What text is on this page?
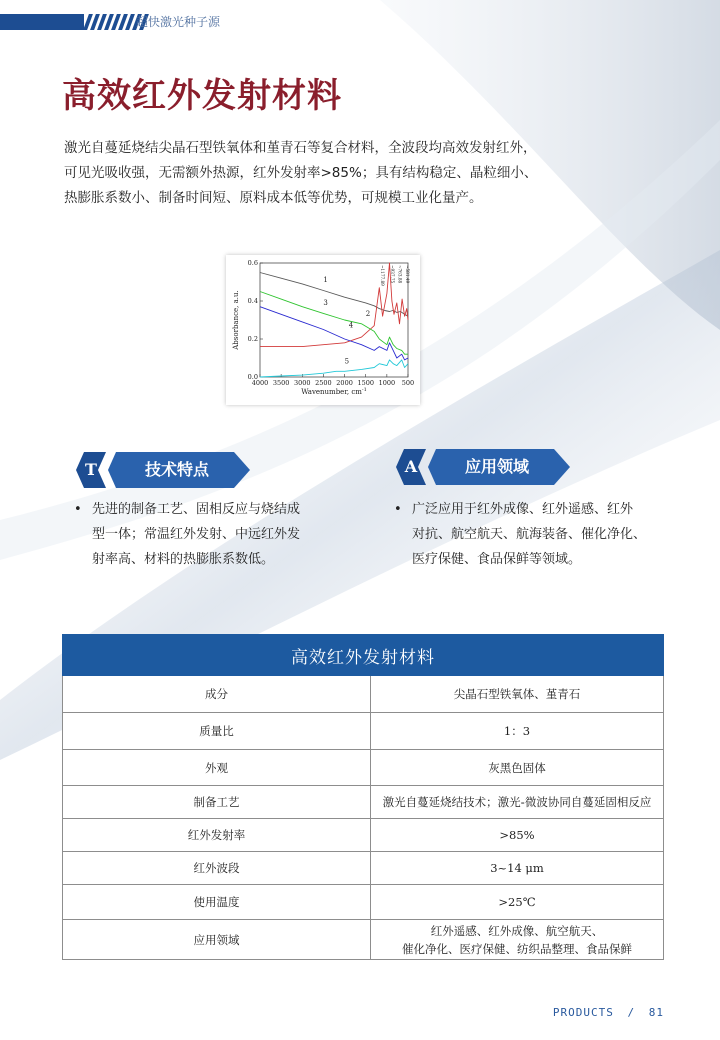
超快激光种子源
高效红外发射材料
激光自蔓延烧结尖晶石型铁氧体和堇青石等复合材料，全波段均高效发射红外，
可见光吸收强，无需额外热源，红外发射率>85%；具有结构稳定、晶粒细小、
热膨胀系数小、制备时间短、原料成本低等优势，可规模工业化量产。
0.0
0.2
0.4
0.6
4000 3500 3000 2500 2000 1500 1000 500
Wavenumber, $cm^{-1}$
Absorbance, a.u.
1
2
3
4
5
~1177.89 ~937.75 ~763.88 ~581.49
T	技术特点
• 先进的制备工艺、固相反应与烧结成
型一体；常温红外发射、中远红外发
射率高、材料的热膨胀系数低。
A	应用领域
• 广泛应用于红外成像、红外遥感、红外
对抗、航空航天、航海装备、催化净化、
医疗保健、食品保鲜等领域。
高效红外发射材料	
成分	尖晶石型铁氧体、堇青石
质量比	1：3
外观	灰黑色固体
制备工艺	激光自蔓延烧结技术；激光-微波协同自蔓延固相反应
红外发射率	>85%
红外波段	3~14 μm
使用温度	>25℃
应用领域	红外遥感、红外成像、航空航天、
催化净化、医疗保健、纺织品整理、食品保鲜
PRODUCTS / 81
